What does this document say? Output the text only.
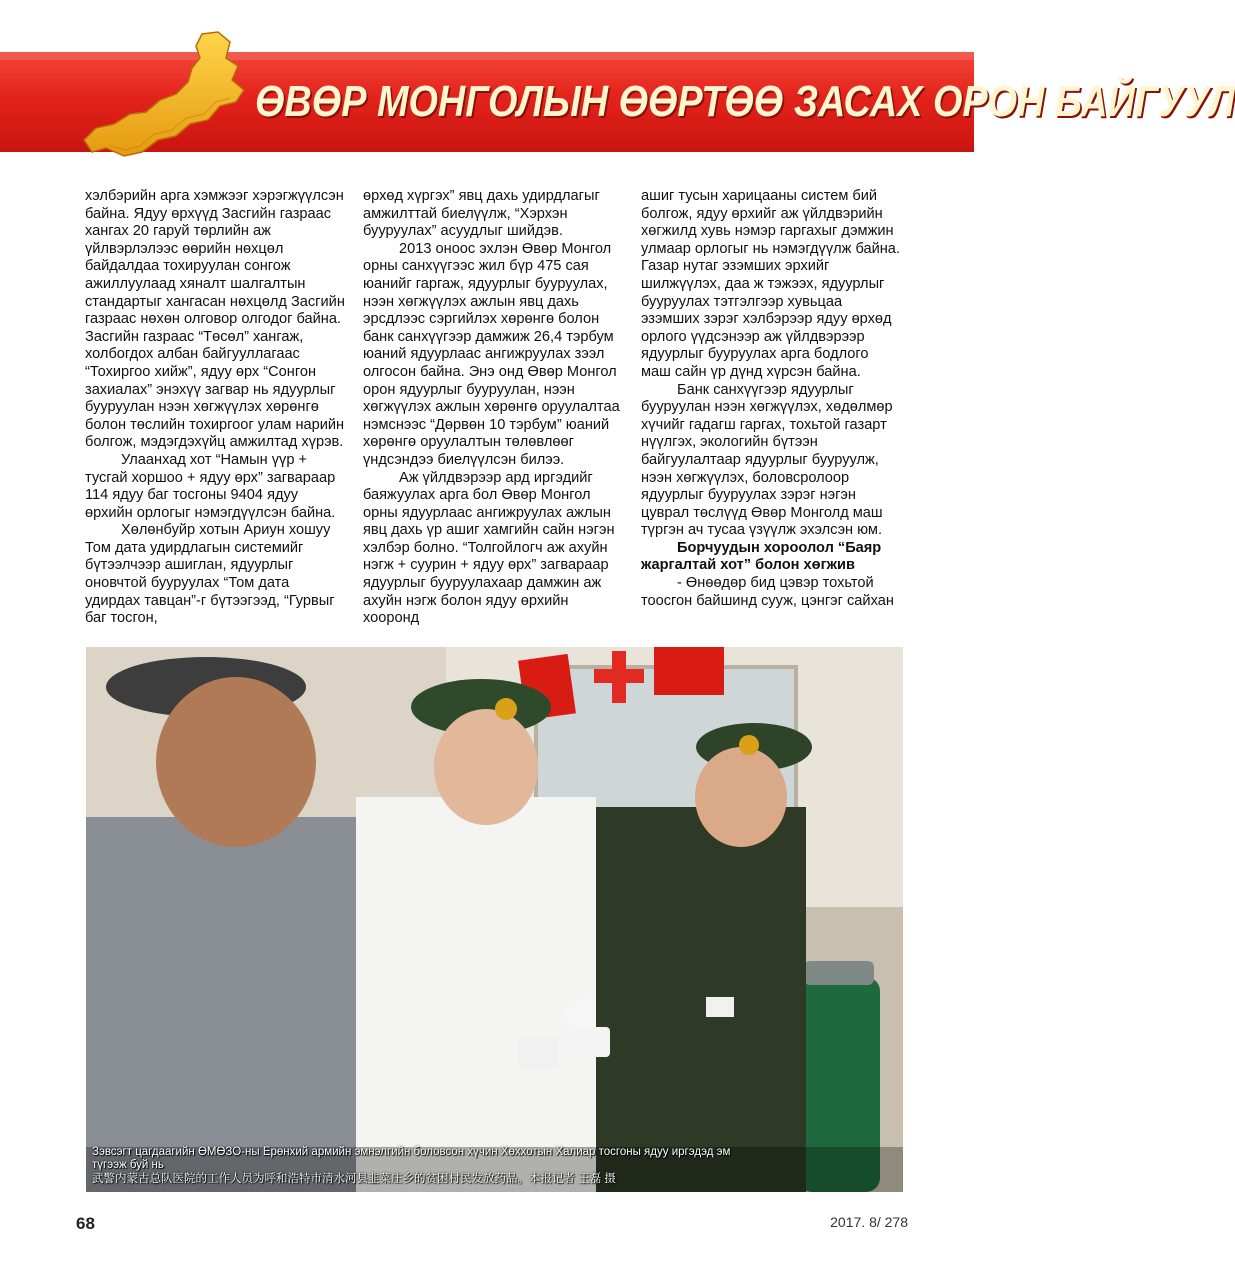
ӨВӨР МОНГОЛЫН ӨӨРТӨӨ ЗАСАХ ОРОН БАЙГУУЛ

хэлбэрийн арга хэмжээг хэрэгжүүлсэн байна. Ядуу өрхүүд Засгийн газраас хангах 20 гаруй төрлийн аж үйлвэрлэлээс өөрийн нөхцөл байдалдаа тохируулан сонгож ажиллуулаад хяналт шалгалтын стандартыг хангасан нөхцөлд Засгийн газраас нөхөн олговор олгодог байна. Засгийн газраас “Төсөл” хангаж, холбогдох албан байгууллагаас “Тохиргоо хийж”, ядуу өрх “Сонгон захиалах” энэхүү загвар нь ядуурлыг бууруулан нээн хөгжүүлэх хөрөнгө болон төслийн тохиргоог улам нарийн болгож, мэдэгдэхүйц амжилтад хүрэв.

Улаанхад хот “Намын үүр + тусгай хоршоо + ядуу өрх” загвараар 114 ядуу баг тосгоны 9404 ядуу өрхийн орлогыг нэмэгдүүлсэн байна.

Хөлөнбуйр хотын Ариун хошуу Том дата удирдлагын системийг бүтээлчээр ашиглан, ядуурлыг оновчтой бууруулах “Том дата удирдах тавцан”-г бүтээгээд, “Гурвыг баг тосгон,

өрхөд хүргэх” явц дахь удирдлагыг амжилттай биелүүлж, “Хэрхэн бууруулах” асуудлыг шийдэв.

2013 оноос эхлэн Өвөр Монгол орны санхүүгээс жил бүр 475 сая юанийг гаргаж, ядуурлыг бууруулах, нээн хөгжүүлэх ажлын явц дахь эрсдлээс сэргийлэх хөрөнгө болон банк санхүүгээр дамжиж 26,4 тэрбум юаний ядуурлаас ангижруулах зээл олгосон байна. Энэ онд Өвөр Монгол орон ядуурлыг бууруулан, нээн хөгжүүлэх ажлын хөрөнгө оруулалтаа нэмснээс “Дөрвөн 10 тэрбум” юаний хөрөнгө оруулалтын төлөвлөөг үндсэндээ биелүүлсэн билээ.

Аж үйлдвэрээр ард иргэдийг баяжуулах арга бол Өвөр Монгол орны ядуурлаас ангижруулах ажлын явц дахь үр ашиг хамгийн сайн нэгэн хэлбэр болно. “Толгойлогч аж ахуйн нэгж + суурин + ядуу өрх” загвараар ядуурлыг бууруулахаар дамжин аж ахуйн нэгж болон ядуу өрхийн хооронд

ашиг тусын харицааны систем бий болгож, ядуу өрхийг аж үйлдвэрийн хөгжилд хувь нэмэр гаргахыг дэмжин улмаар орлогыг нь нэмэгдүүлж байна. Газар нутаг эзэмших эрхийг шилжүүлэх, даа ж тэжээх, ядуурлыг бууруулах тэтгэлгээр хувьцаа эзэмших зэрэг хэлбэрээр ядуу өрхөд орлого үүдсэнээр аж үйлдвэрээр ядуурлыг бууруулах арга бодлого маш сайн үр дүнд хүрсэн байна.

Банк санхүүгээр ядуурлыг бууруулан нээн хөгжүүлэх, хөдөлмөр хүчийг гадагш гаргах, тохьтой газарт нүүлгэх, экологийн бүтээн байгуулалтаар ядуурлыг бууруулж, нээн хөгжүүлэх, боловсролоор ядуурлыг бууруулах зэрэг нэгэн цуврал төслүүд Өвөр Монголд маш түргэн ач тусаа үзүүлж эхэлсэн юм.

Борчуудын хороолол “Баяр жаргалтай хот” болон хөгжив

- Өнөөдөр бид цэвэр тохьтой тоосгон байшинд сууж, цэнгэг сайхан

Зэвсэгт цагдаагийн ӨМӨЗО-ны Ерөнхий армийн эмнэлгийн боловсон хүчин Хөххотын Халиар тосгоны ядуу иргэдэд эм түгээж буй нь
武警内蒙古总队医院的工作人员为呼和浩特市清水河县韭菜庄乡的贫困村民发放药品。本报记者 王磊 摄
68	2017. 8/ 278
